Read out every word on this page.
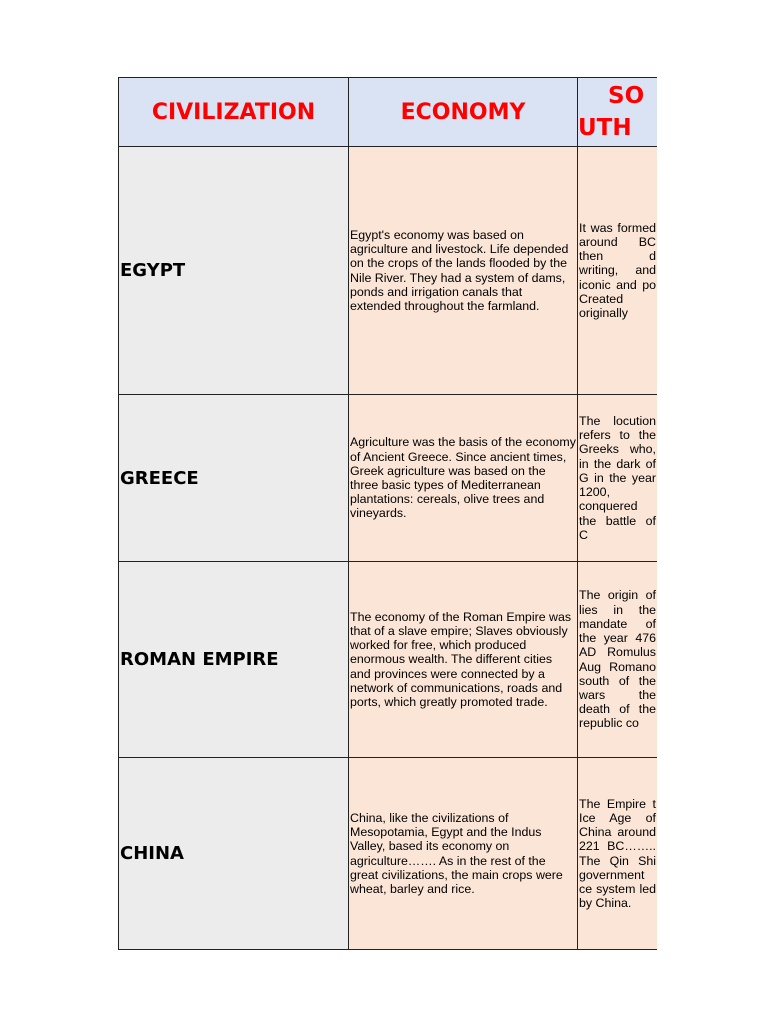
CIVILIZATION	ECONOMY	SO
UTH

EGYPT	Egypt's economy was based on agriculture and livestock. Life depended on the crops of the lands flooded by the Nile River. They had a system of dams, ponds and irrigation canals that extended throughout the farmland.	It was formed around BC then d writing, and iconic and po Created originally

GREECE	Agriculture was the basis of the economy of Ancient Greece. Since ancient times, Greek agriculture was based on the three basic types of Mediterranean plantations: cereals, olive trees and vineyards.	The locution refers to the Greeks who, in the dark of G in the year 1200, conquered the battle of C

ROMAN EMPIRE	The economy of the Roman Empire was that of a slave empire; Slaves obviously worked for free, which produced enormous wealth. The different cities and provinces were connected by a network of communications, roads and ports, which greatly promoted trade.	The origin of lies in the mandate of the year 476 AD Romulus Aug Romano south of the wars the death of the republic co

CHINA	China, like the civilizations of Mesopotamia, Egypt and the Indus Valley, based its economy on agriculture……. As in the rest of the great civilizations, the main crops were wheat, barley and rice.	The Empire t Ice Age of China around 221 BC…….. The Qin Shi government ce system led by China.
